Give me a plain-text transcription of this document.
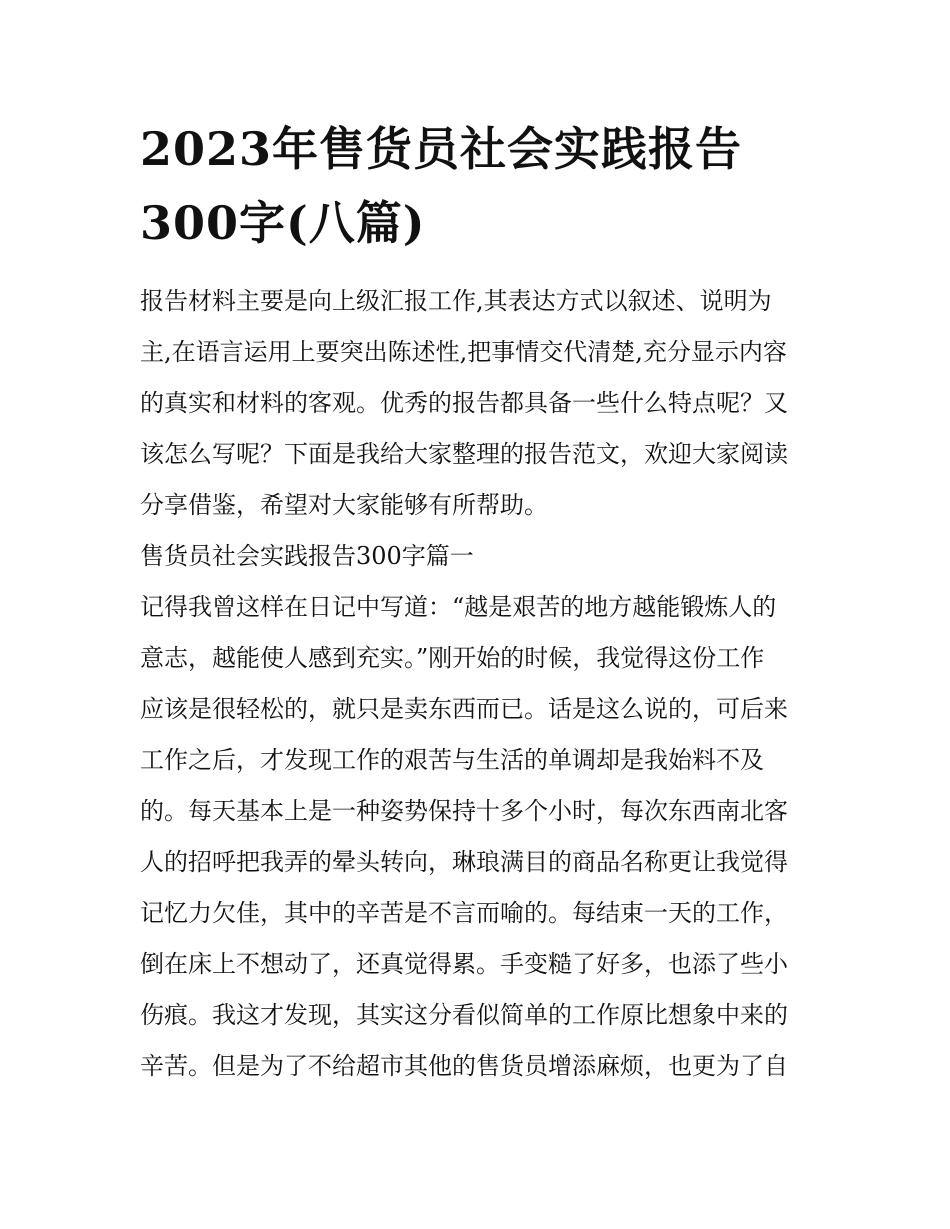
2023年售货员社会实践报告
300字(八篇)
报告材料主要是向上级汇报工作,其表达方式以叙述、说明为
主,在语言运用上要突出陈述性,把事情交代清楚,充分显示内容
的真实和材料的客观。优秀的报告都具备一些什么特点呢？又
该怎么写呢？下面是我给大家整理的报告范文，欢迎大家阅读
分享借鉴，希望对大家能够有所帮助。
售货员社会实践报告300字篇一
记得我曾这样在日记中写道：“越是艰苦的地方越能锻炼人的
意志，越能使人感到充实。”刚开始的时候，我觉得这份工作
应该是很轻松的，就只是卖东西而已。话是这么说的，可后来
工作之后，才发现工作的艰苦与生活的单调却是我始料不及
的。每天基本上是一种姿势保持十多个小时，每次东西南北客
人的招呼把我弄的晕头转向，琳琅满目的商品名称更让我觉得
记忆力欠佳，其中的辛苦是不言而喻的。每结束一天的工作，
倒在床上不想动了，还真觉得累。手变糙了好多，也添了些小
伤痕。我这才发现，其实这分看似简单的工作原比想象中来的
辛苦。但是为了不给超市其他的售货员增添麻烦，也更为了自
